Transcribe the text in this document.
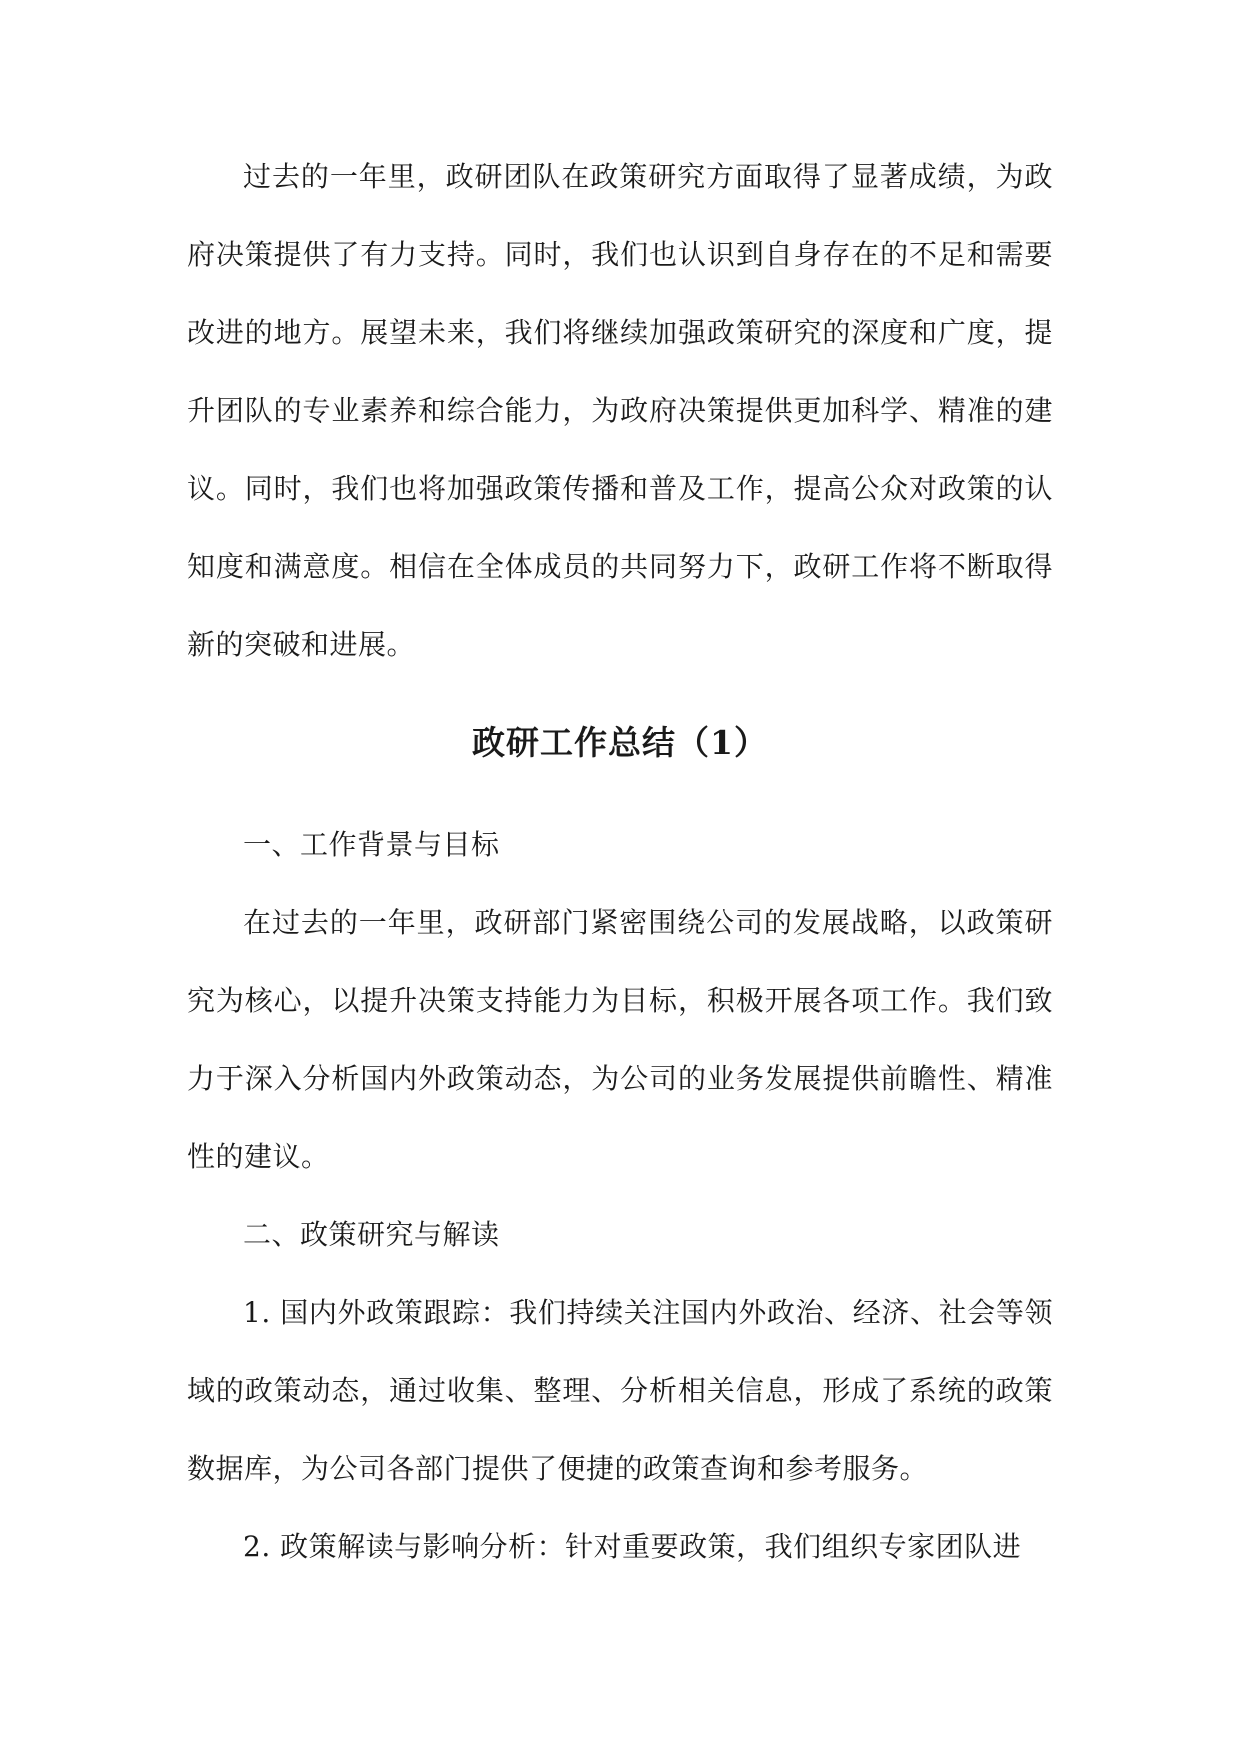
过去的一年里，政研团队在政策研究方面取得了显著成绩，为政府决策提供了有力支持。同时，我们也认识到自身存在的不足和需要改进的地方。展望未来，我们将继续加强政策研究的深度和广度，提升团队的专业素养和综合能力，为政府决策提供更加科学、精准的建议。同时，我们也将加强政策传播和普及工作，提高公众对政策的认知度和满意度。相信在全体成员的共同努力下，政研工作将不断取得新的突破和进展。

政研工作总结（1）

一、工作背景与目标

在过去的一年里，政研部门紧密围绕公司的发展战略，以政策研究为核心，以提升决策支持能力为目标，积极开展各项工作。我们致力于深入分析国内外政策动态，为公司的业务发展提供前瞻性、精准性的建议。

二、政策研究与解读

1. 国内外政策跟踪：我们持续关注国内外政治、经济、社会等领域的政策动态，通过收集、整理、分析相关信息，形成了系统的政策数据库，为公司各部门提供了便捷的政策查询和参考服务。

2. 政策解读与影响分析：针对重要政策，我们组织专家团队进
